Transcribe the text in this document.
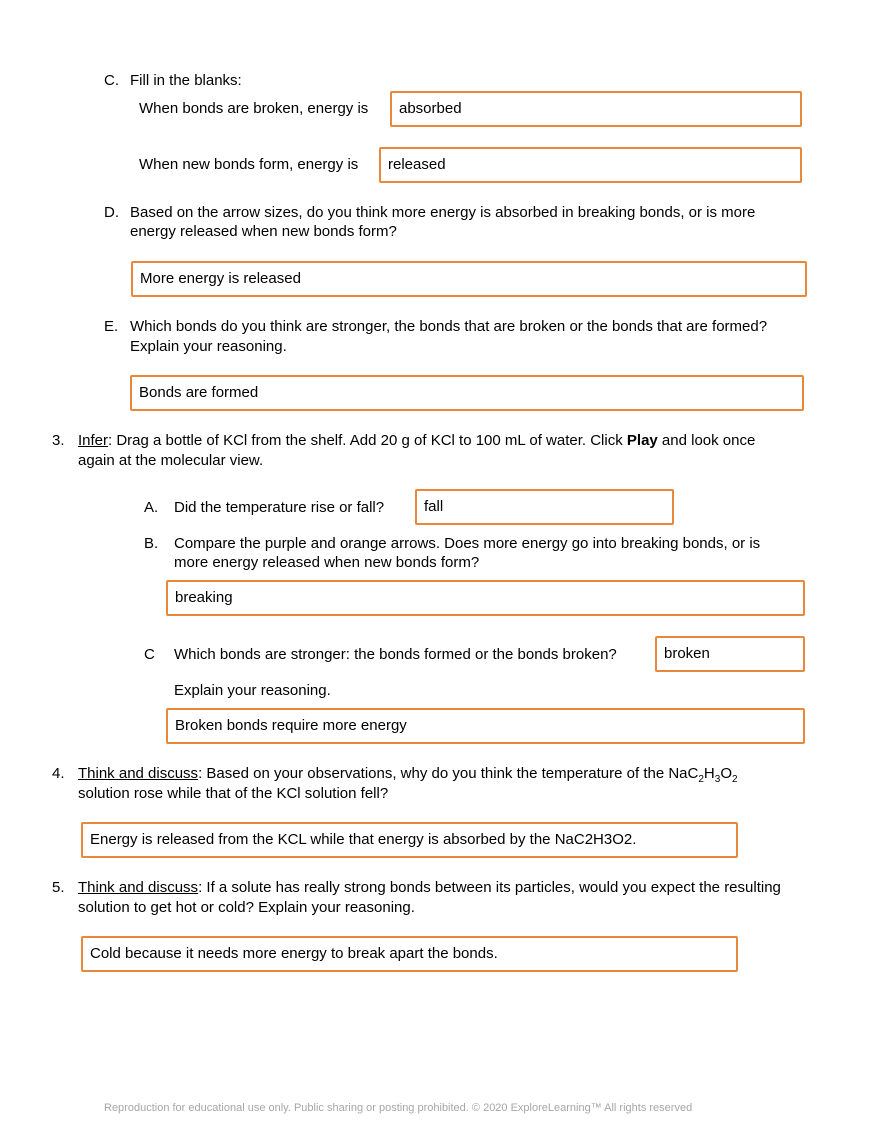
C. Fill in the blanks:
When bonds are broken, energy is	absorbed
When new bonds form, energy is	released
D. Based on the arrow sizes, do you think more energy is absorbed in breaking bonds, or is more
energy released when new bonds form?
More energy is released
E. Which bonds do you think are stronger, the bonds that are broken or the bonds that are formed?
Explain your reasoning.
Bonds are formed
3. Infer: Drag a bottle of KCl from the shelf. Add 20 g of KCl to 100 mL of water. Click Play and look once
again at the molecular view.
A. Did the temperature rise or fall?	fall
B. Compare the purple and orange arrows. Does more energy go into breaking bonds, or is
more energy released when new bonds form?
breaking
C Which bonds are stronger: the bonds formed or the bonds broken?	broken
Explain your reasoning.
Broken bonds require more energy
4. Think and discuss: Based on your observations, why do you think the temperature of the $NaC_2H_3O_2$
solution rose while that of the KCl solution fell?
Energy is released from the KCL while that energy is absorbed by the NaC2H3O2.
5. Think and discuss: If a solute has really strong bonds between its particles, would you expect the resulting
solution to get hot or cold? Explain your reasoning.
Cold because it needs more energy to break apart the bonds.
Reproduction for educational use only. Public sharing or posting prohibited. © 2020 ExploreLearning™ All rights reserved
